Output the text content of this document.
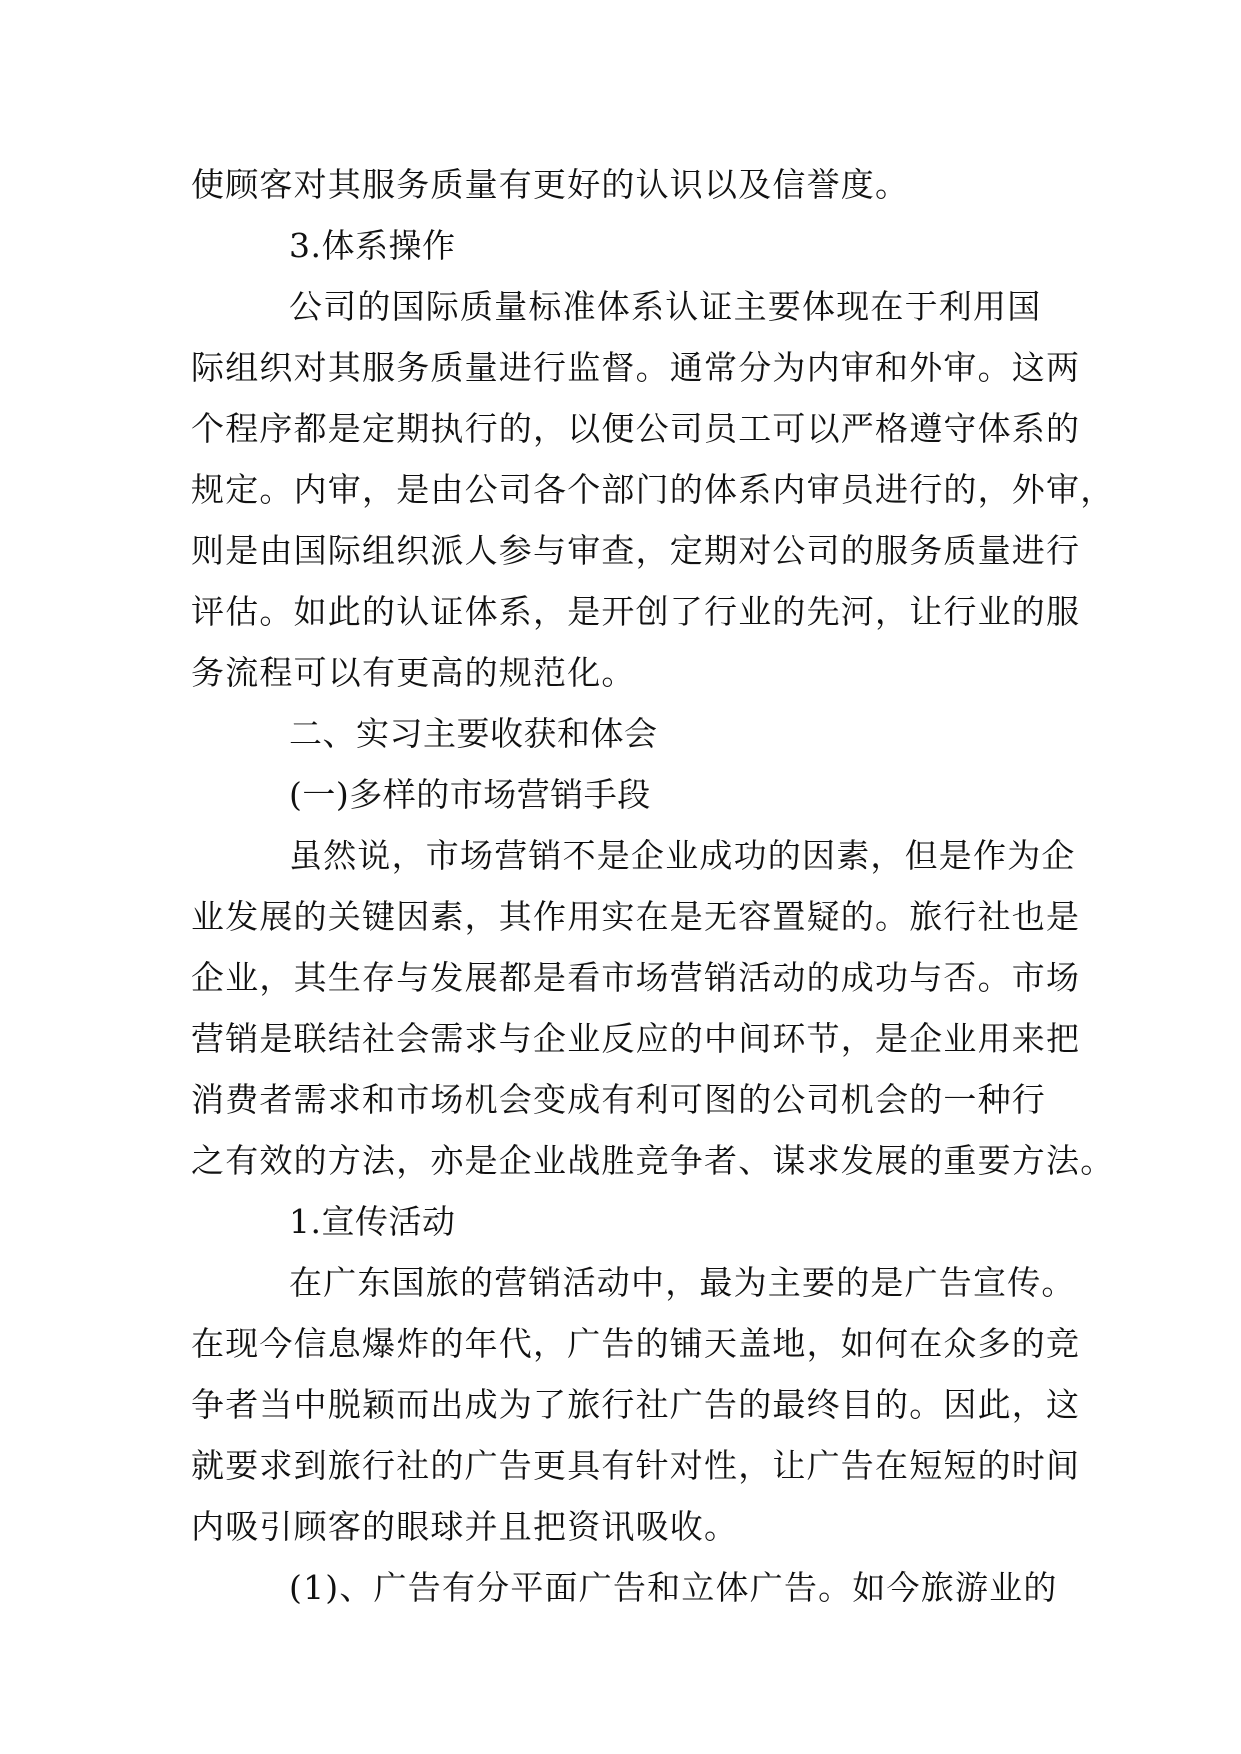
使顾客对其服务质量有更好的认识以及信誉度。
3.体系操作
公司的国际质量标准体系认证主要体现在于利用国
际组织对其服务质量进行监督。通常分为内审和外审。这两
个程序都是定期执行的，以便公司员工可以严格遵守体系的
规定。内审，是由公司各个部门的体系内审员进行的，外审，
则是由国际组织派人参与审查，定期对公司的服务质量进行
评估。如此的认证体系，是开创了行业的先河，让行业的服
务流程可以有更高的规范化。
二、实习主要收获和体会
(一)多样的市场营销手段
虽然说，市场营销不是企业成功的因素，但是作为企
业发展的关键因素，其作用实在是无容置疑的。旅行社也是
企业，其生存与发展都是看市场营销活动的成功与否。市场
营销是联结社会需求与企业反应的中间环节，是企业用来把
消费者需求和市场机会变成有利可图的公司机会的一种行
之有效的方法，亦是企业战胜竞争者、谋求发展的重要方法。
1.宣传活动
在广东国旅的营销活动中，最为主要的是广告宣传。
在现今信息爆炸的年代，广告的铺天盖地，如何在众多的竞
争者当中脱颖而出成为了旅行社广告的最终目的。因此，这
就要求到旅行社的广告更具有针对性，让广告在短短的时间
内吸引顾客的眼球并且把资讯吸收。
(1)、广告有分平面广告和立体广告。如今旅游业的
